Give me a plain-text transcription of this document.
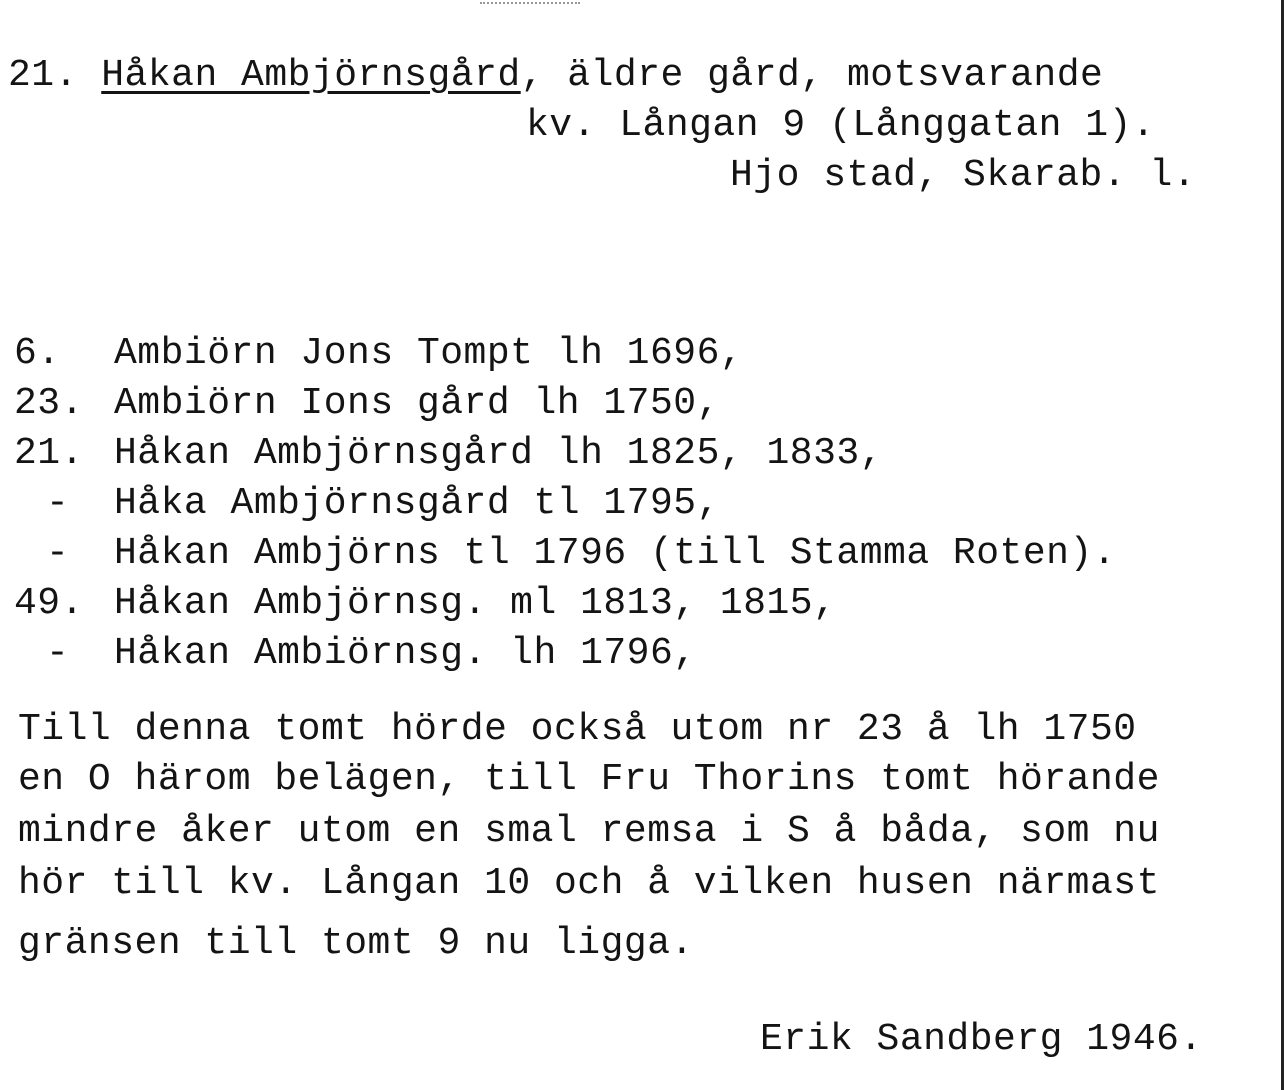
21. Håkan Ambjörnsgård, äldre gård, motsvarande
kv. Långan 9 (Långgatan 1).
Hjo stad, Skarab. l.
6. Ambiörn Jons Tompt lh 1696,
23. Ambiörn Ions gård lh 1750,
21. Håkan Ambjörnsgård lh 1825, 1833,
- Håka Ambjörnsgård tl 1795,
- Håkan Ambjörns tl 1796 (till Stamma Roten).
49. Håkan Ambjörnsg. ml 1813, 1815,
- Håkan Ambiörnsg. lh 1796,
Till denna tomt hörde också utom nr 23 å lh 1750
en O härom belägen, till Fru Thorins tomt hörande
mindre åker utom en smal remsa i S å båda, som nu
hör till kv. Långan 10 och å vilken husen närmast
gränsen till tomt 9 nu ligga.
Erik Sandberg 1946.
